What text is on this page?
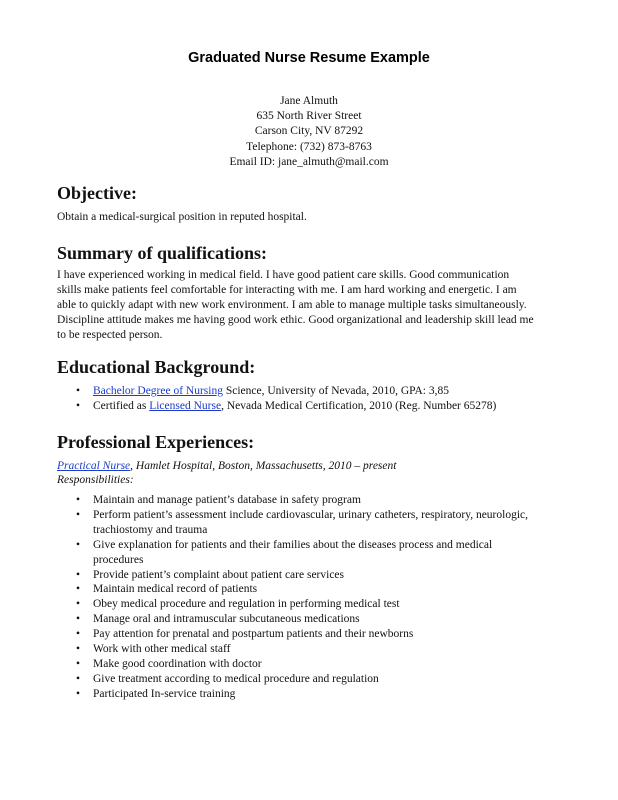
Graduated Nurse Resume Example
Jane Almuth
635 North River Street
Carson City, NV 87292
Telephone: (732) 873-8763
Email ID: jane_almuth@mail.com
Objective:
Obtain a medical-surgical position in reputed hospital.
Summary of qualifications:
I have experienced working in medical field. I have good patient care skills. Good communication
skills make patients feel comfortable for interacting with me. I am hard working and energetic. I am
able to quickly adapt with new work environment. I am able to manage multiple tasks simultaneously.
Discipline attitude makes me having good work ethic. Good organizational and leadership skill lead me
to be respected person.
Educational Background:
• Bachelor Degree of Nursing Science, University of Nevada, 2010, GPA: 3,85
• Certified as Licensed Nurse, Nevada Medical Certification, 2010 (Reg. Number 65278)
Professional Experiences:
Practical Nurse, Hamlet Hospital, Boston, Massachusetts, 2010 – present
Responsibilities:
• Maintain and manage patient’s database in safety program
• Perform patient’s assessment include cardiovascular, urinary catheters, respiratory, neurologic,
trachiostomy and trauma
• Give explanation for patients and their families about the diseases process and medical
procedures
• Provide patient’s complaint about patient care services
• Maintain medical record of patients
• Obey medical procedure and regulation in performing medical test
• Manage oral and intramuscular subcutaneous medications
• Pay attention for prenatal and postpartum patients and their newborns
• Work with other medical staff
• Make good coordination with doctor
• Give treatment according to medical procedure and regulation
• Participated In-service training
